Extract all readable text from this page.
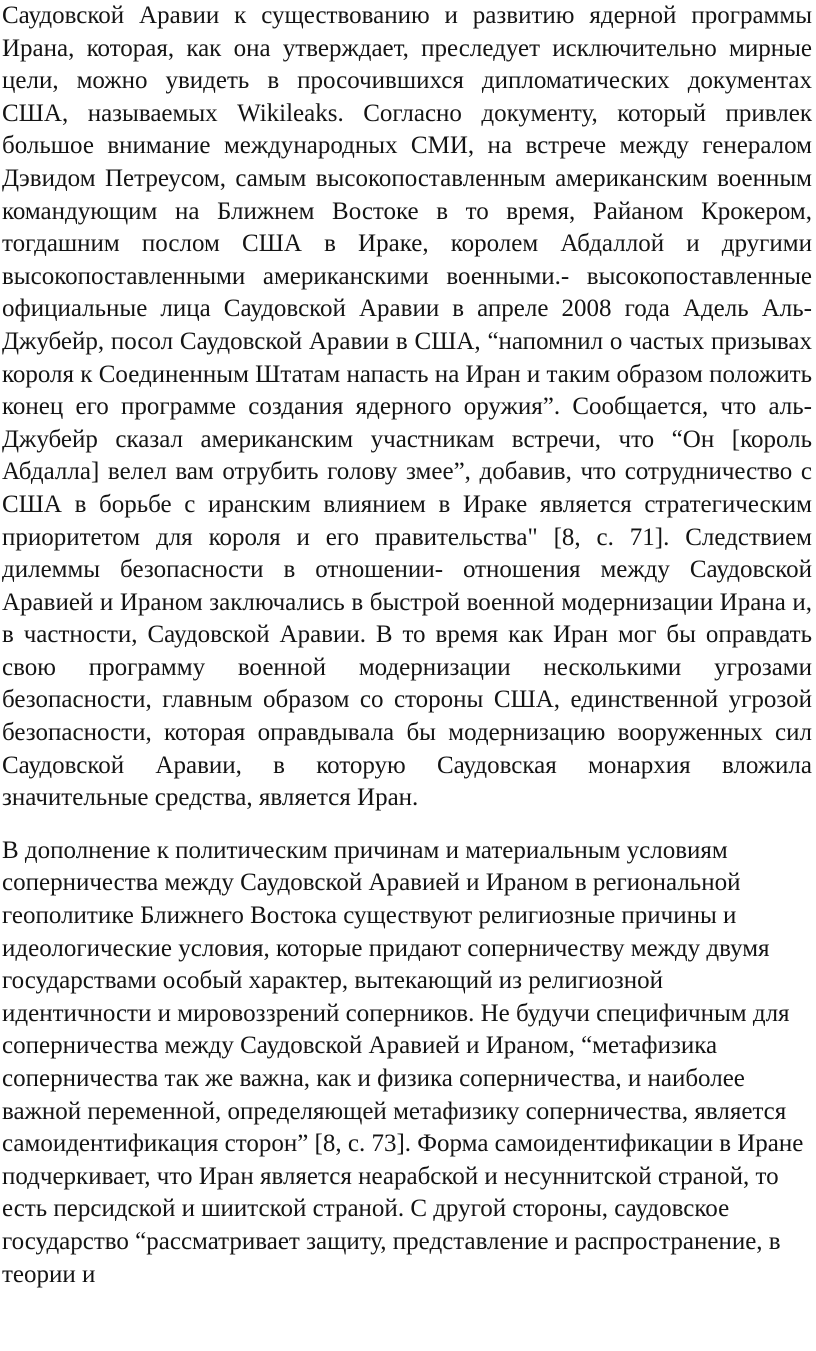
Саудовской Аравии к существованию и развитию ядерной программы Ирана, которая, как она утверждает, преследует исключительно мирные цели, можно увидеть в просочившихся дипломатических документах США, называемых Wikileaks. Согласно документу, который привлек большое внимание международных СМИ, на встрече между генералом Дэвидом Петреусом, самым высокопоставленным американским военным командующим на Ближнем Востоке в то время, Райаном Крокером, тогдашним послом США в Ираке, королем Абдаллой и другими высокопоставленными американскими военными.- высокопоставленные официальные лица Саудовской Аравии в апреле 2008 года Адель Аль-Джубейр, посол Саудовской Аравии в США, “напомнил о частых призывах короля к Соединенным Штатам напасть на Иран и таким образом положить конец его программе создания ядерного оружия”. Сообщается, что аль-Джубейр сказал американским участникам встречи, что “Он [король Абдалла] велел вам отрубить голову змее”, добавив, что сотрудничество с США в борьбе с иранским влиянием в Ираке является стратегическим приоритетом для короля и его правительства" [8, с. 71]. Следствием дилеммы безопасности в отношении- отношения между Саудовской Аравией и Ираном заключались в быстрой военной модернизации Ирана и, в частности, Саудовской Аравии. В то время как Иран мог бы оправдать свою программу военной модернизации несколькими угрозами безопасности, главным образом со стороны США, единственной угрозой безопасности, которая оправдывала бы модернизацию вооруженных сил Саудовской Аравии, в которую Саудовская монархия вложила значительные средства, является Иран.

В дополнение к политическим причинам и материальным условиям соперничества между Саудовской Аравией и Ираном в региональной геополитике Ближнего Востока существуют религиозные причины и идеологические условия, которые придают соперничеству между двумя государствами особый характер, вытекающий из религиозной идентичности и мировоззрений соперников. Не будучи специфичным для соперничества между Саудовской Аравией и Ираном, “метафизика соперничества так же важна, как и физика соперничества, и наиболее важной переменной, определяющей метафизику соперничества, является самоидентификация сторон” [8, с. 73]. Форма самоидентификации в Иране подчеркивает, что Иран является неарабской и несуннитской страной, то есть персидской и шиитской страной. С другой стороны, саудовское государство “рассматривает защиту, представление и распространение, в теории и
